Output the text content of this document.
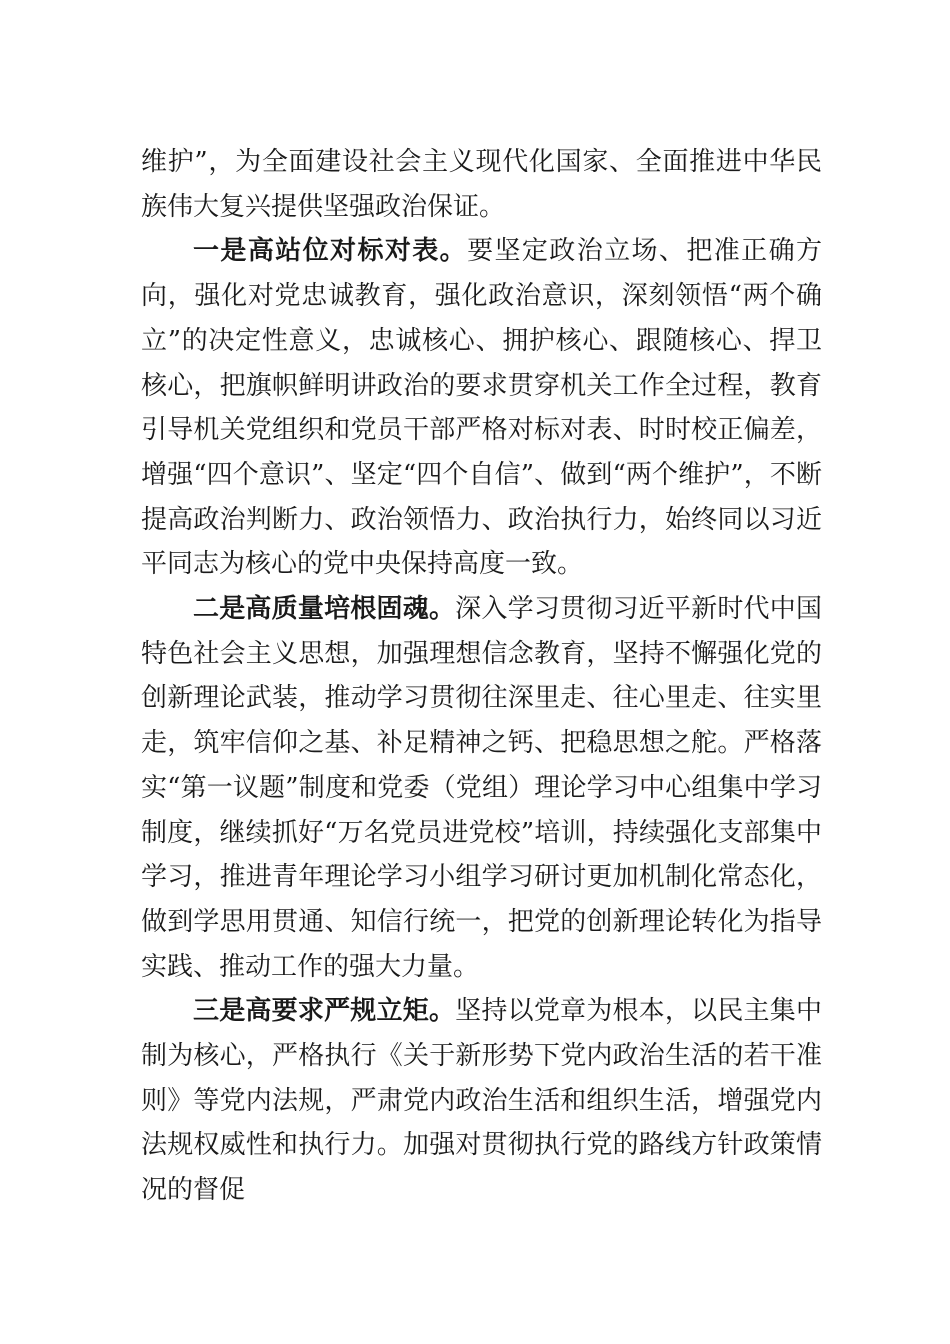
维护”，为全面建设社会主义现代化国家、全面推进中华民族伟大复兴提供坚强政治保证。

一是高站位对标对表。要坚定政治立场、把准正确方向，强化对党忠诚教育，强化政治意识，深刻领悟“两个确立”的决定性意义，忠诚核心、拥护核心、跟随核心、捍卫核心，把旗帜鲜明讲政治的要求贯穿机关工作全过程，教育引导机关党组织和党员干部严格对标对表、时时校正偏差，增强“四个意识”、坚定“四个自信”、做到“两个维护”，不断提高政治判断力、政治领悟力、政治执行力，始终同以习近平同志为核心的党中央保持高度一致。

二是高质量培根固魂。深入学习贯彻习近平新时代中国特色社会主义思想，加强理想信念教育，坚持不懈强化党的创新理论武装，推动学习贯彻往深里走、往心里走、往实里走，筑牢信仰之基、补足精神之钙、把稳思想之舵。严格落实“第一议题”制度和党委（党组）理论学习中心组集中学习制度，继续抓好“万名党员进党校”培训，持续强化支部集中学习，推进青年理论学习小组学习研讨更加机制化常态化，做到学思用贯通、知信行统一，把党的创新理论转化为指导实践、推动工作的强大力量。

三是高要求严规立矩。坚持以党章为根本，以民主集中制为核心，严格执行《关于新形势下党内政治生活的若干准则》等党内法规，严肃党内政治生活和组织生活，增强党内法规权威性和执行力。加强对贯彻执行党的路线方针政策情况的督促
